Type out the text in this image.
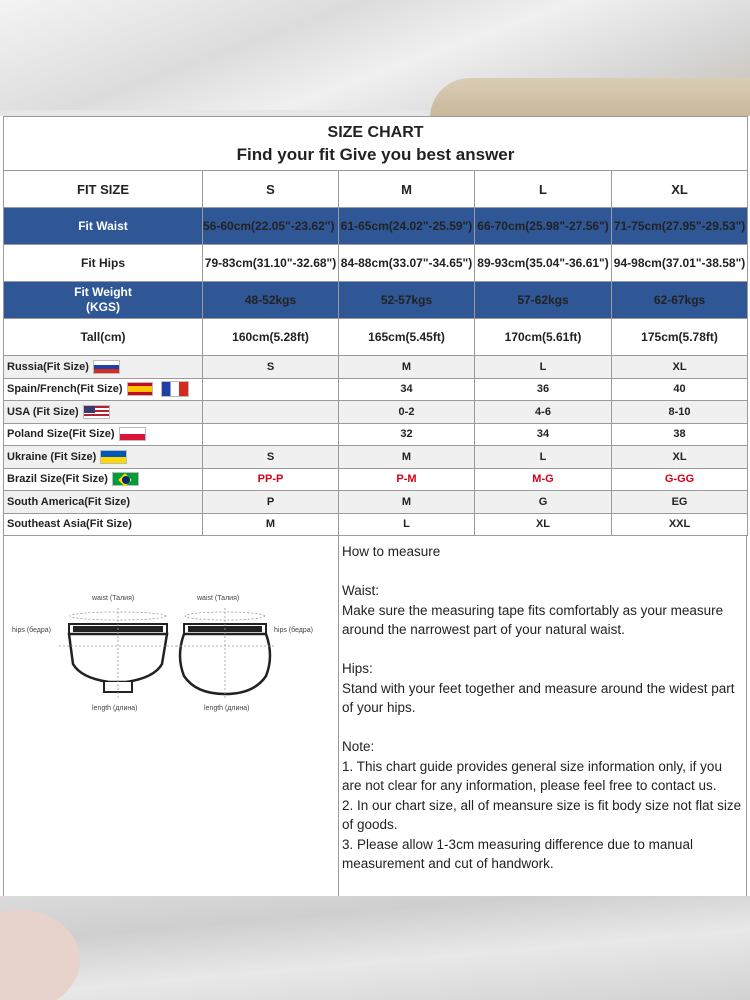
SIZE CHART
Find your fit Give you best answer				

FIT SIZE	S	M	L	XL
Fit Waist	56-60cm(22.05"-23.62")	61-65cm(24.02"-25.59")	66-70cm(25.98"-27.56")	71-75cm(27.95"-29.53")
Fit Hips	79-83cm(31.10"-32.68")	84-88cm(33.07"-34.65")	89-93cm(35.04"-36.61")	94-98cm(37.01"-38.58")
Fit Weight (KGS)	48-52kgs	52-57kgs	57-62kgs	62-67kgs
Tall(cm)	160cm(5.28ft)	165cm(5.45ft)	170cm(5.61ft)	175cm(5.78ft)
Russia(Fit Size)	S	M	L	XL
Spain/French(Fit Size)		34	36	40
USA (Fit Size)		0-2	4-6	8-10
Poland Size(Fit Size)		32	34	38
Ukraine (Fit Size)	S	M	L	XL
Brazil Size(Fit Size)	PP-P	P-M	M-G	G-GG
South America(Fit Size)	P	M	G	EG
Southeast Asia(Fit Size)	M	L	XL	XXL
waist (Талия)
hips (бедра)
length (длина)
waist (Талия)
hips (бедра)
length (длина)

How to measure

Waist:

Make sure the measuring tape fits comfortably as your measure around the narrowest part of your natural waist.

Hips:

Stand with your feet together and measure around the widest part of your hips.

Note:

1. This chart guide provides general size information only, if you are not clear for any information, please feel free to contact us.

2. In our chart size, all of meansure size is fit body size not flat size of goods.

3. Please allow 1-3cm measuring difference due to manual measurement and cut of handwork.
